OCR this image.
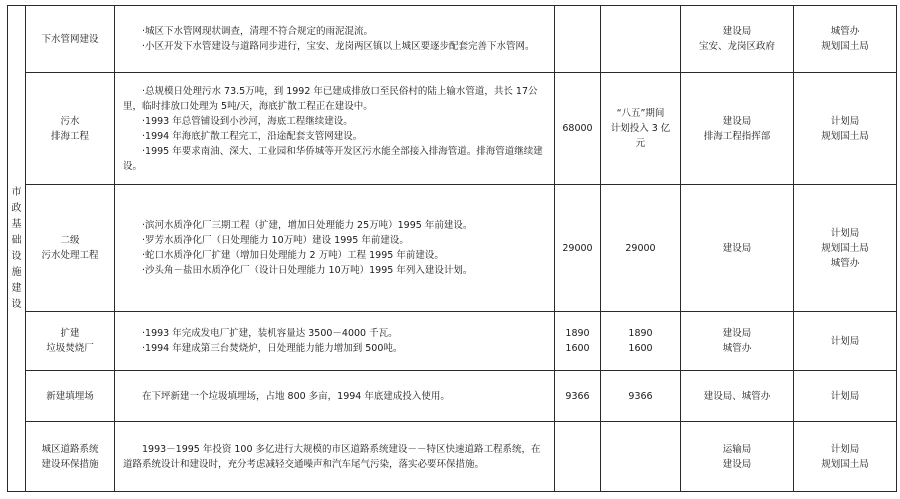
市政基础设施建设	下水管网建设	　　·城区下水管网现状调查，清理不符合规定的雨泥混流。
　　·小区开发下水管建设与道路同步进行，宝安、龙岗两区镇以上城区要逐步配套完善下水管网。			建设局
宝安、龙岗区政府	城管办
规划国土局

	污水
排海工程	　　·总规模日处理污水 73.5万吨，到 1992 年已建成排放口至民俗村的陆上输水管道，共长 17公里，临时排放口处理为 5吨/天，海底扩散工程正在建设中。
　　·1993 年总管铺设到小沙河，海底工程继续建设。
　　·1994 年海底扩散工程完工，沿途配套支管网建设。
　　·1995 年要求南油、深大、工业园和华侨城等开发区污水能全部接入排海管道。排海管道继续建设。	68000	“八五”期间
计划投入 3 亿
元	建设局
排海工程指挥部	计划局
规划国土局

	二级
污水处理工程	　　·滨河水质净化厂三期工程（扩建，增加日处理能力 25万吨）1995 年前建设。
　　·罗芳水质净化厂（日处理能力 10万吨）建设 1995 年前建设。
　　·蛇口水质净化厂扩建（增加日处理能力 2 万吨）工程 1995 年前建设。
　　·沙头角－盐田水质净化厂（设计日处理能力 10万吨）1995 年列入建设计划。	29000	29000	建设局	计划局
规划国土局
城管办

	扩建
垃圾焚烧厂	　　·1993 年完成发电厂扩建，装机容量达 3500－4000 千瓦。
　　·1994 年建成第三台焚烧炉，日处理能力能力增加到 500吨。	1890
1600	1890
1600	建设局
城管办	计划局

	新建填埋场	　　在下坪新建一个垃圾填埋场，占地 800 多亩，1994 年底建成投入使用。	9366	9366	建设局、城管办	计划局

	城区道路系统
建设环保措施	　　1993－1995 年投资 100 多亿进行大规模的市区道路系统建设－－特区快速道路工程系统，在道路系统设计和建设时，充分考虑减轻交通噪声和汽车尾气污染，落实必要环保措施。			运输局
建设局	计划局
规划国土局
